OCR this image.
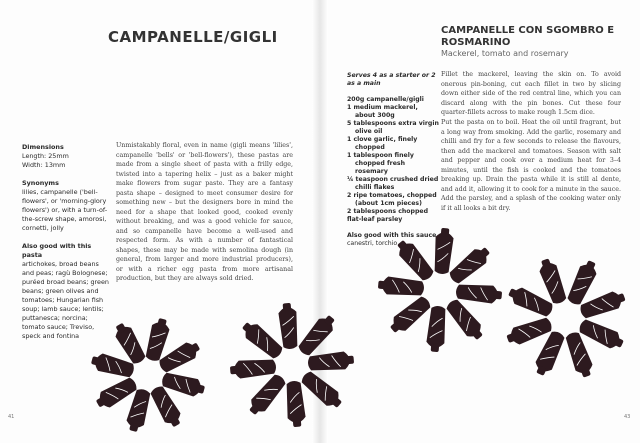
CAMPANELLE/GIGLI
Dimensions
Length: 25mm

Width: 13mm

Synonyms

lilies, campanelle ('bell-flowers', or 'morning-glory flowers') or, with a turn-of-the-screw shape, amorosi, cornetti, jolly

Also good with this pasta

artichokes, broad beans and peas; ragù Bolognese; puréed broad beans; green beans; green olives and tomatoes; Hungarian fish soup; lamb sauce; lentils; puttanesca; norcina; tomato sauce; Treviso, speck and fontina

Unmistakably floral, even in name (gigli means 'lilies', campanelle 'bells' or 'bell-flowers'), these pastas are made from a single sheet of pasta with a frilly edge, twisted into a tapering helix – just as a baker might make flowers from sugar paste. They are a fantasy pasta shape – designed to meet consumer desire for something new – but the designers bore in mind the need for a shape that looked good, cooked evenly without breaking, and was a good vehicle for sauce, and so campanelle have become a well-used and respected form. As with a number of fantastical shapes, these may be made with semolina dough (in general, from larger and more industrial producers), or with a richer egg pasta from more artisanal production, but they are always sold dried.
41
CAMPANELLE CON SGOMBRO E ROSMARINO
Mackerel, tomato and rosemary

Serves 4 as a starter or 2 as a main

200g campanelle/gigli
1 medium mackerel, about 300g
5 tablespoons extra virgin olive oil
1 clove garlic, finely chopped
1 tablespoon finely chopped fresh rosemary
¼ teaspoon crushed dried chilli flakes
2 ripe tomatoes, chopped (about 1cm pieces)

2 tablespoons chopped flat-leaf parsley

Also good with this sauce
canestri, torchio
Fillet the mackerel, leaving the skin on. To avoid onerous pin-boning, cut each fillet in two by slicing down either side of the red central line, which you can discard along with the pin bones. Cut these four quarter-fillets across to make rough 1.5cm dice.
Put the pasta on to boil. Heat the oil until fragrant, but a long way from smoking. Add the garlic, rosemary and chilli and fry for a few seconds to release the flavours, then add the mackerel and tomatoes. Season with salt and pepper and cook over a medium heat for 3–4 minutes, until the fish is cooked and the tomatoes breaking up. Drain the pasta while it is still al dente, and add it, allowing it to cook for a minute in the sauce. Add the parsley, and a splash of the cooking water only if it all looks a bit dry.
43
